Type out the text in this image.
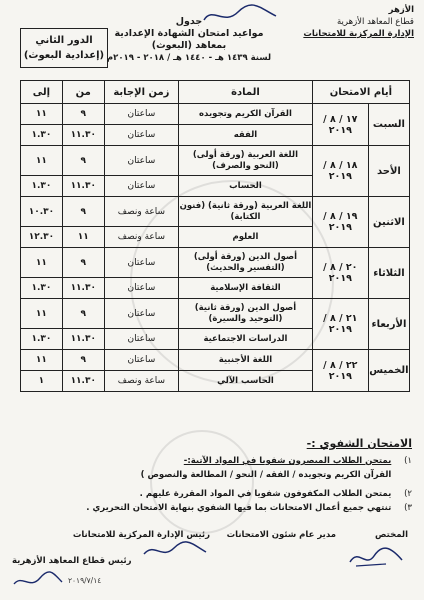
الأزهر
قطاع المعاهد الأزهرية
الإدارة المركزية للامتحانات
جدول
مواعيد امتحان الشهادة الإعدادية بمعاهد (البعوث)
لسنة ١٤٣٩ هـ - ١٤٤٠ هـ / ٢٠١٨ - ٢٠١٩م
الدور الثاني
(إعدادية البعوث)
أيام الامتحان		المادة	زمن الإجابة	من	إلى
السبت	١٧ / ٨ / ٢٠١٩	القرآن الكريم وتجويده	ساعتان	٩	١١
		الفقه	ساعتان	١١.٣٠	١.٣٠
الأحد	١٨ / ٨ / ٢٠١٩	اللغة العربية (ورقة أولى) (النحو والصرف)	ساعتان	٩	١١
		الحساب	ساعتان	١١.٣٠	١.٣٠
الاثنين	١٩ / ٨ / ٢٠١٩	اللغة العربية (ورقة ثانية) (فنون الكتابة)	ساعة ونصف	٩	١٠.٣٠
		العلوم	ساعة ونصف	١١	١٢.٣٠
الثلاثاء	٢٠ / ٨ / ٢٠١٩	أصول الدين (ورقة أولى) (التفسير والحديث)	ساعتان	٩	١١
		الثقافة الإسلامية	ساعتان	١١.٣٠	١.٣٠
الأربعاء	٢١ / ٨ / ٢٠١٩	أصول الدين (ورقة ثانية) (التوحيد والسيرة)	ساعتان	٩	١١
		الدراسات الاجتماعية	ساعتان	١١.٣٠	١.٣٠
الخميس	٢٢ / ٨ / ٢٠١٩	اللغة الأجنبية	ساعتان	٩	١١
		الحاسب الآلي	ساعة ونصف	١١.٣٠	١
الامتحان الشفوي :-
١) يمتحن الطلاب المبصرون شفويا في المواد الآتية:-
القرآن الكريم وتجويده / الفقه / النحو / المطالعة والنصوص )
٢) يمتحن الطلاب المكفوفون شفويا في المواد المقررة عليهم .
٣) تنتهي جميع أعمال الامتحانات بما فيها الشفوي بنهاية الامتحان التحريري .
المختص
مدير عام شئون الامتحانات
رئيس الإدارة المركزية للامتحانات
رئيس قطاع المعاهد الأزهرية
٢٠١٩/٧/١٤
